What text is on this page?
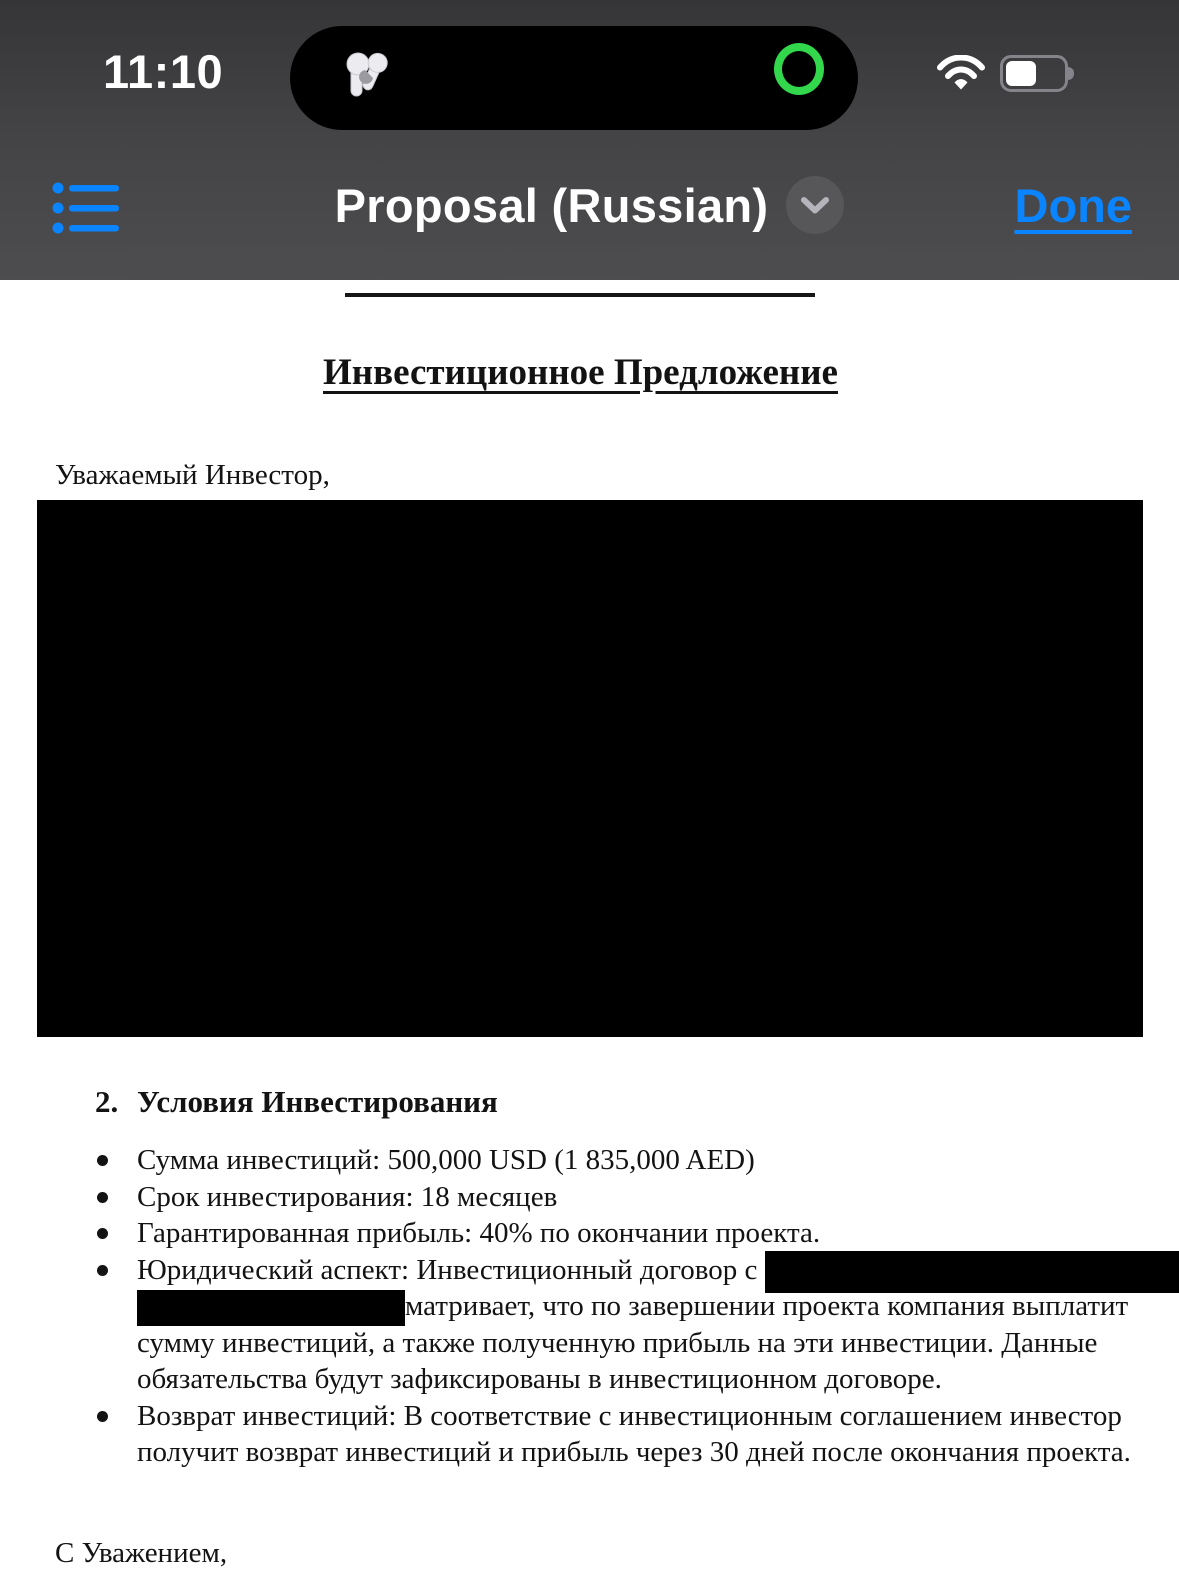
11:10
Proposal (Russian)	Done
Инвестиционное Предложение

Уважаемый Инвестор,

2. Условия Инвестирования
Сумма инвестиций: 500,000 USD (1 835,000 AED)
Срок инвестирования: 18 месяцев
Гарантированная прибыль: 40% по окончании проекта.
Юридический аспект: Инвестиционный договор с
матривает, что по завершении проекта компания выплатит
сумму инвестиций, а также полученную прибыль на эти инвестиции. Данные
обязательства будут зафиксированы в инвестиционном договоре.
Возврат инвестиций: В соответствие с инвестиционным соглашением инвестор
получит возврат инвестиций и прибыль через 30 дней после окончания проекта.

С Уважением,
